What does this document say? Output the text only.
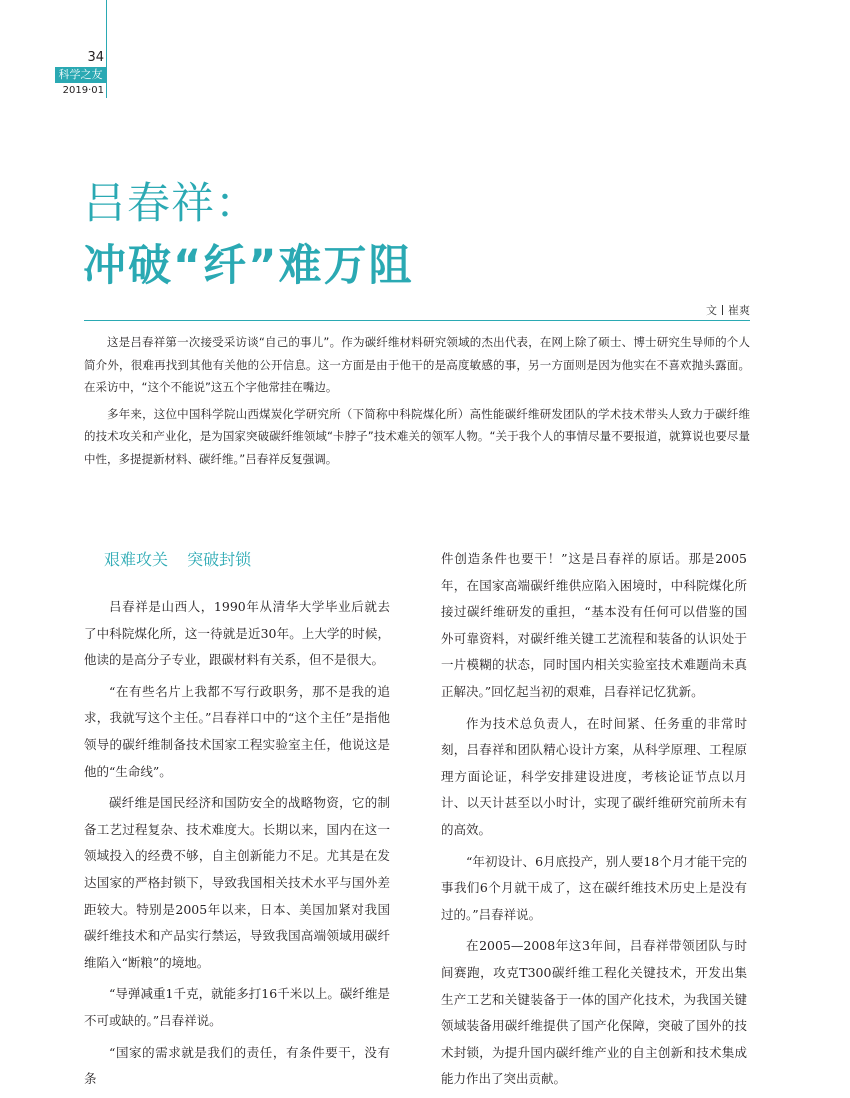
34
科学之友
2019·01
吕春祥：
冲破“纤”难万阻
文 崔爽

这是吕春祥第一次接受采访谈“自己的事儿”。作为碳纤维材料研究领域的杰出代表，在网上除了硕士、博士研究生导师的个人简介外，很难再找到其他有关他的公开信息。这一方面是由于他干的是高度敏感的事，另一方面则是因为他实在不喜欢抛头露面。在采访中，“这个不能说”这五个字他常挂在嘴边。

多年来，这位中国科学院山西煤炭化学研究所（下简称中科院煤化所）高性能碳纤维研发团队的学术技术带头人致力于碳纤维的技术攻关和产业化，是为国家突破碳纤维领域“卡脖子”技术难关的领军人物。“关于我个人的事情尽量不要报道，就算说也要尽量中性，多提提新材料、碳纤维。”吕春祥反复强调。

艰难攻关 突破封锁

吕春祥是山西人，1990年从清华大学毕业后就去了中科院煤化所，这一待就是近30年。上大学的时候，他读的是高分子专业，跟碳材料有关系，但不是很大。

“在有些名片上我都不写行政职务，那不是我的追求，我就写这个主任。”吕春祥口中的“这个主任”是指他领导的碳纤维制备技术国家工程实验室主任，他说这是他的“生命线”。

碳纤维是国民经济和国防安全的战略物资，它的制备工艺过程复杂、技术难度大。长期以来，国内在这一领域投入的经费不够，自主创新能力不足。尤其是在发达国家的严格封锁下，导致我国相关技术水平与国外差距较大。特别是2005年以来，日本、美国加紧对我国碳纤维技术和产品实行禁运，导致我国高端领域用碳纤维陷入“断粮”的境地。

“导弹减重1千克，就能多打16千米以上。碳纤维是不可或缺的。”吕春祥说。

“国家的需求就是我们的责任，有条件要干，没有条

件创造条件也要干！”这是吕春祥的原话。那是2005年，在国家高端碳纤维供应陷入困境时，中科院煤化所接过碳纤维研发的重担，“基本没有任何可以借鉴的国外可靠资料，对碳纤维关键工艺流程和装备的认识处于一片模糊的状态，同时国内相关实验室技术难题尚未真正解决。”回忆起当初的艰难，吕春祥记忆犹新。

作为技术总负责人，在时间紧、任务重的非常时刻，吕春祥和团队精心设计方案，从科学原理、工程原理方面论证，科学安排建设进度，考核论证节点以月计、以天计甚至以小时计，实现了碳纤维研究前所未有的高效。

“年初设计、6月底投产，别人要18个月才能干完的事我们6个月就干成了，这在碳纤维技术历史上是没有过的。”吕春祥说。

在2005—2008年这3年间，吕春祥带领团队与时间赛跑，攻克T300碳纤维工程化关键技术，开发出集生产工艺和关键装备于一体的国产化技术，为我国关键领域装备用碳纤维提供了国产化保障，突破了国外的技术封锁，为提升国内碳纤维产业的自主创新和技术集成能力作出了突出贡献。
